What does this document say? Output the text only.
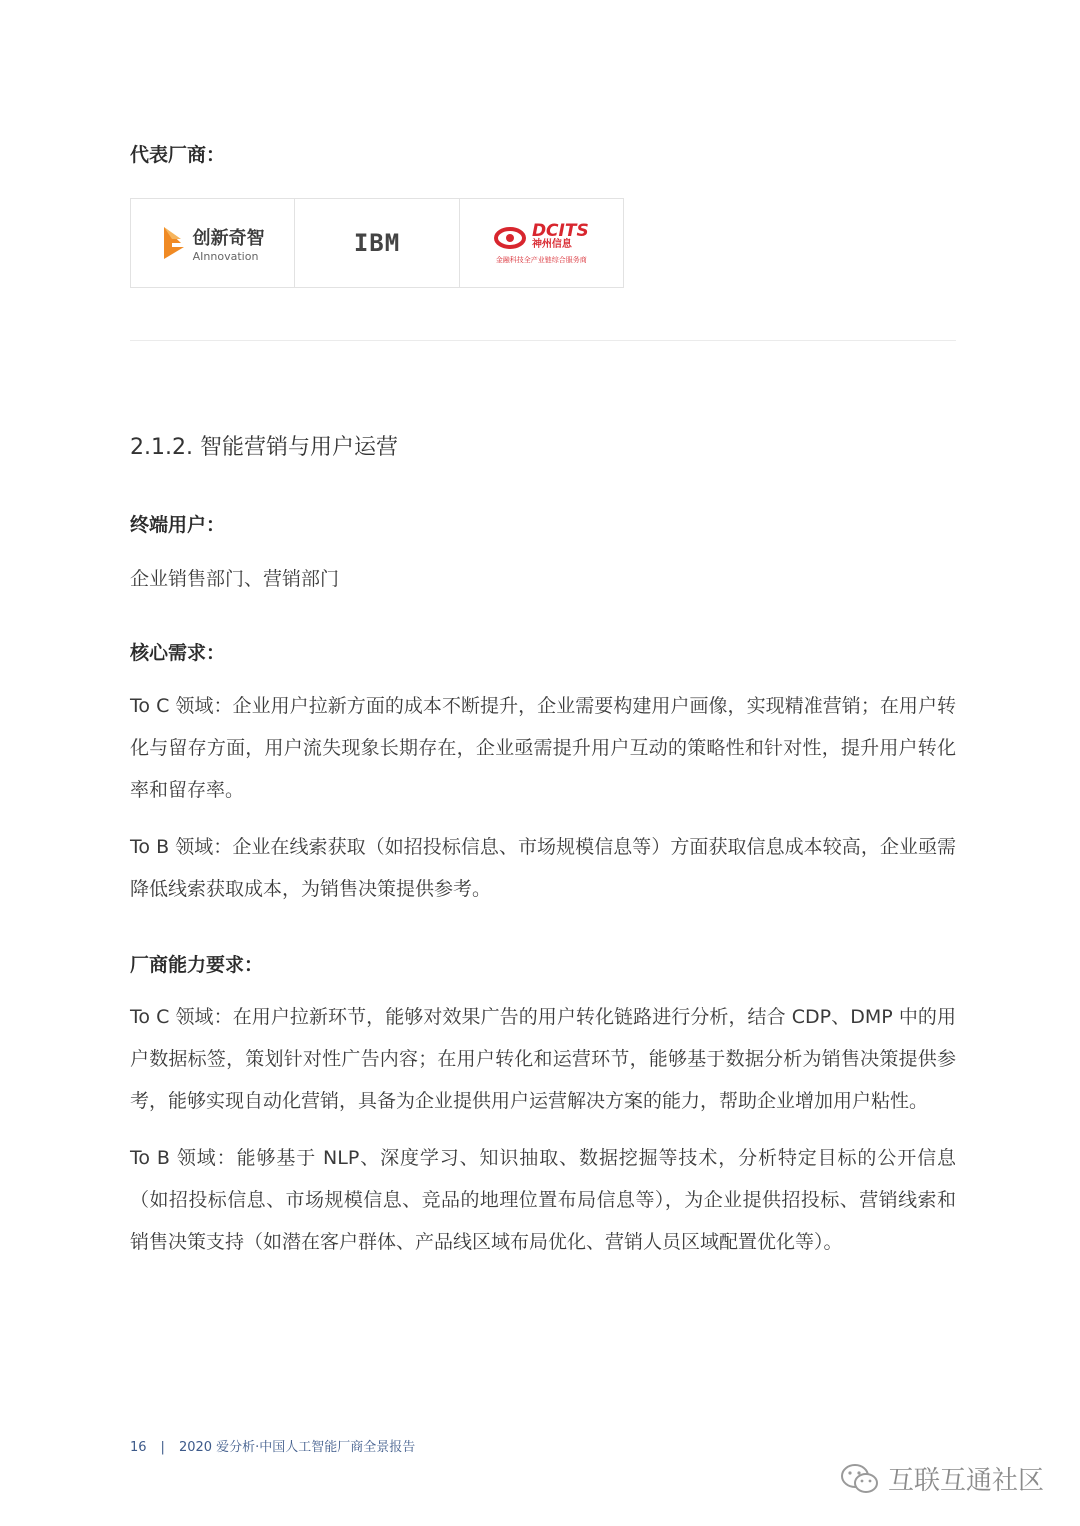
代表厂商：
创新奇智
AInnovation	IBM	DCITS
神州信息
金融科技全产业链综合服务商
2.1.2. 智能营销与用户运营
终端用户：
企业销售部门、营销部门
核心需求：

To C 领域：企业用户拉新方面的成本不断提升，企业需要构建用户画像，实现精准营销；在用户转化与留存方面，用户流失现象长期存在，企业亟需提升用户互动的策略性和针对性，提升用户转化率和留存率。

To B 领域：企业在线索获取（如招投标信息、市场规模信息等）方面获取信息成本较高，企业亟需降低线索获取成本，为销售决策提供参考。

厂商能力要求：

To C 领域：在用户拉新环节，能够对效果广告的用户转化链路进行分析，结合 CDP、DMP 中的用户数据标签，策划针对性广告内容；在用户转化和运营环节，能够基于数据分析为销售决策提供参考，能够实现自动化营销，具备为企业提供用户运营解决方案的能力，帮助企业增加用户粘性。

To B 领域：能够基于 NLP、深度学习、知识抽取、数据挖掘等技术，分析特定目标的公开信息（如招投标信息、市场规模信息、竞品的地理位置布局信息等），为企业提供招投标、营销线索和销售决策支持（如潜在客户群体、产品线区域布局优化、营销人员区域配置优化等）。

16 | 2020 爱分析·中国人工智能厂商全景报告
互联互通社区
